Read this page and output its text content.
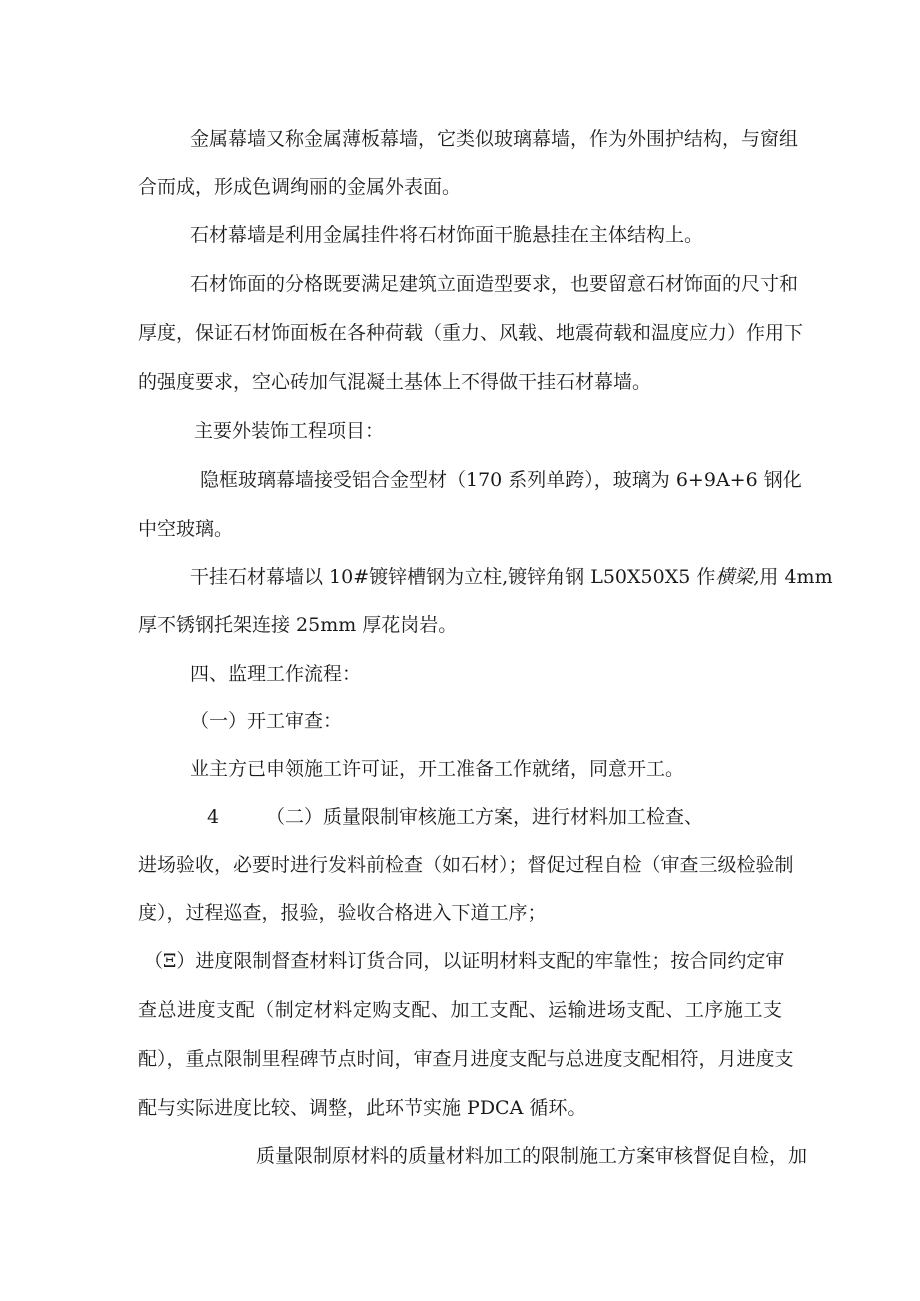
金属幕墙又称金属薄板幕墙，它类似玻璃幕墙，作为外围护结构，与窗组

合而成，形成色调绚丽的金属外表面。

石材幕墙是利用金属挂件将石材饰面干脆悬挂在主体结构上。

石材饰面的分格既要满足建筑立面造型要求，也要留意石材饰面的尺寸和

厚度，保证石材饰面板在各种荷载（重力、风载、地震荷载和温度应力）作用下

的强度要求，空心砖加气混凝土基体上不得做干挂石材幕墙。

主要外装饰工程项目：

隐框玻璃幕墙接受铝合金型材（170 系列单跨），玻璃为 6+9A+6 钢化

中空玻璃。

干挂石材幕墙以 10#镀锌槽钢为立柱,镀锌角钢 L50X50X5 作 横梁, 用 4mm

厚不锈钢托架连接 25mm 厚花岗岩。

四、监理工作流程：

（一）开工审查：

业主方已申领施工许可证，开工准备工作就绪，同意开工。

4 （二）质量限制审核施工方案，进行材料加工检查、

进场验收，必要时进行发料前检查（如石材）；督促过程自检（审查三级检验制

度），过程巡查，报验，验收合格进入下道工序；

（Ξ）进度限制督查材料订货合同，以证明材料支配的牢靠性；按合同约定审

查总进度支配（制定材料定购支配、加工支配、运输进场支配、工序施工支

配），重点限制里程碑节点时间，审查月进度支配与总进度支配相符，月进度支

配与实际进度比较、调整，此环节实施 PDCA 循环。

质量限制原材料的质量材料加工的限制施工方案审核督促自检，加
